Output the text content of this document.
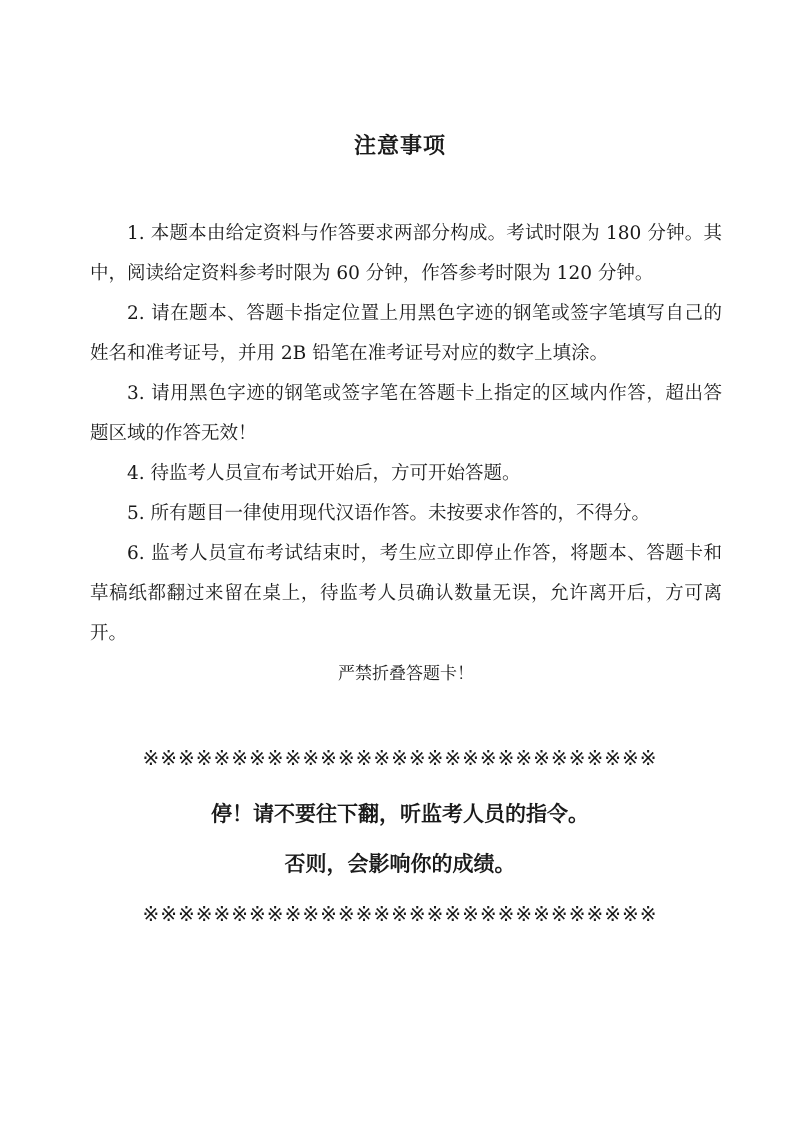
注意事项

1. 本题本由给定资料与作答要求两部分构成。考试时限为 180 分钟。其中，阅读给定资料参考时限为 60 分钟，作答参考时限为 120 分钟。

2. 请在题本、答题卡指定位置上用黑色字迹的钢笔或签字笔填写自己的姓名和准考证号，并用 2B 铅笔在准考证号对应的数字上填涂。

3. 请用黑色字迹的钢笔或签字笔在答题卡上指定的区域内作答，超出答题区域的作答无效！

4. 待监考人员宣布考试开始后，方可开始答题。

5. 所有题目一律使用现代汉语作答。未按要求作答的，不得分。

6. 监考人员宣布考试结束时，考生应立即停止作答，将题本、答题卡和草稿纸都翻过来留在桌上，待监考人员确认数量无误，允许离开后，方可离开。

严禁折叠答题卡！

※※※※※※※※※※※※※※※※※※※※※※※※※※※※※
停！请不要往下翻，听监考人员的指令。
否则，会影响你的成绩。
※※※※※※※※※※※※※※※※※※※※※※※※※※※※※
